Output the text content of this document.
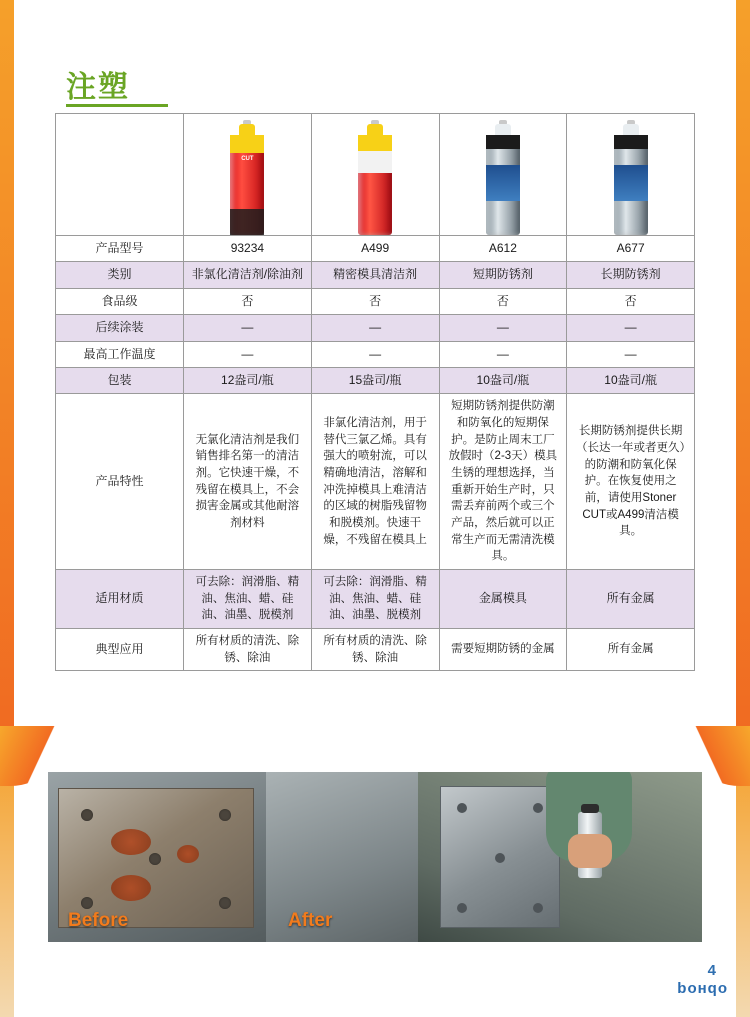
注塑

	CUT			

产品型号	93234	A499	A612	A677
类别	非氯化清洁剂/除油剂	精密模具清洁剂	短期防锈剂	长期防锈剂
食品级	否	否	否	否
后续涂装	—	—	—	—
最高工作温度	—	—	—	—
包装	12盎司/瓶	15盎司/瓶	10盎司/瓶	10盎司/瓶
产品特性	无氯化清洁剂是我们销售排名第一的清洁剂。它快速干燥，不残留在模具上，不会损害金属或其他耐溶剂材料	非氯化清洁剂，用于替代三氯乙烯。具有强大的喷射流，可以精确地清洁，溶解和冲洗掉模具上难清洁的区域的树脂残留物和脱模剂。快速干燥，不残留在模具上	短期防锈剂提供防潮和防氧化的短期保护。是防止周末工厂放假时（2-3天）模具生锈的理想选择，当重新开始生产时，只需丢弃前两个或三个产品，然后就可以正常生产而无需清洗模具。	长期防锈剂提供长期（长达一年或者更久）的防潮和防氧化保护。在恢复使用之前，请使用Stoner CUT或A499清洁模具。
适用材质	可去除：润滑脂、精油、焦油、蜡、硅油、油墨、脱模剂	可去除：润滑脂、精油、焦油、蜡、硅油、油墨、脱模剂	金属模具	所有金属
典型应用	所有材质的清洗、除锈、除油	所有材质的清洗、除锈、除油	需要短期防锈的金属	所有金属
Before	After
4
boнqo
